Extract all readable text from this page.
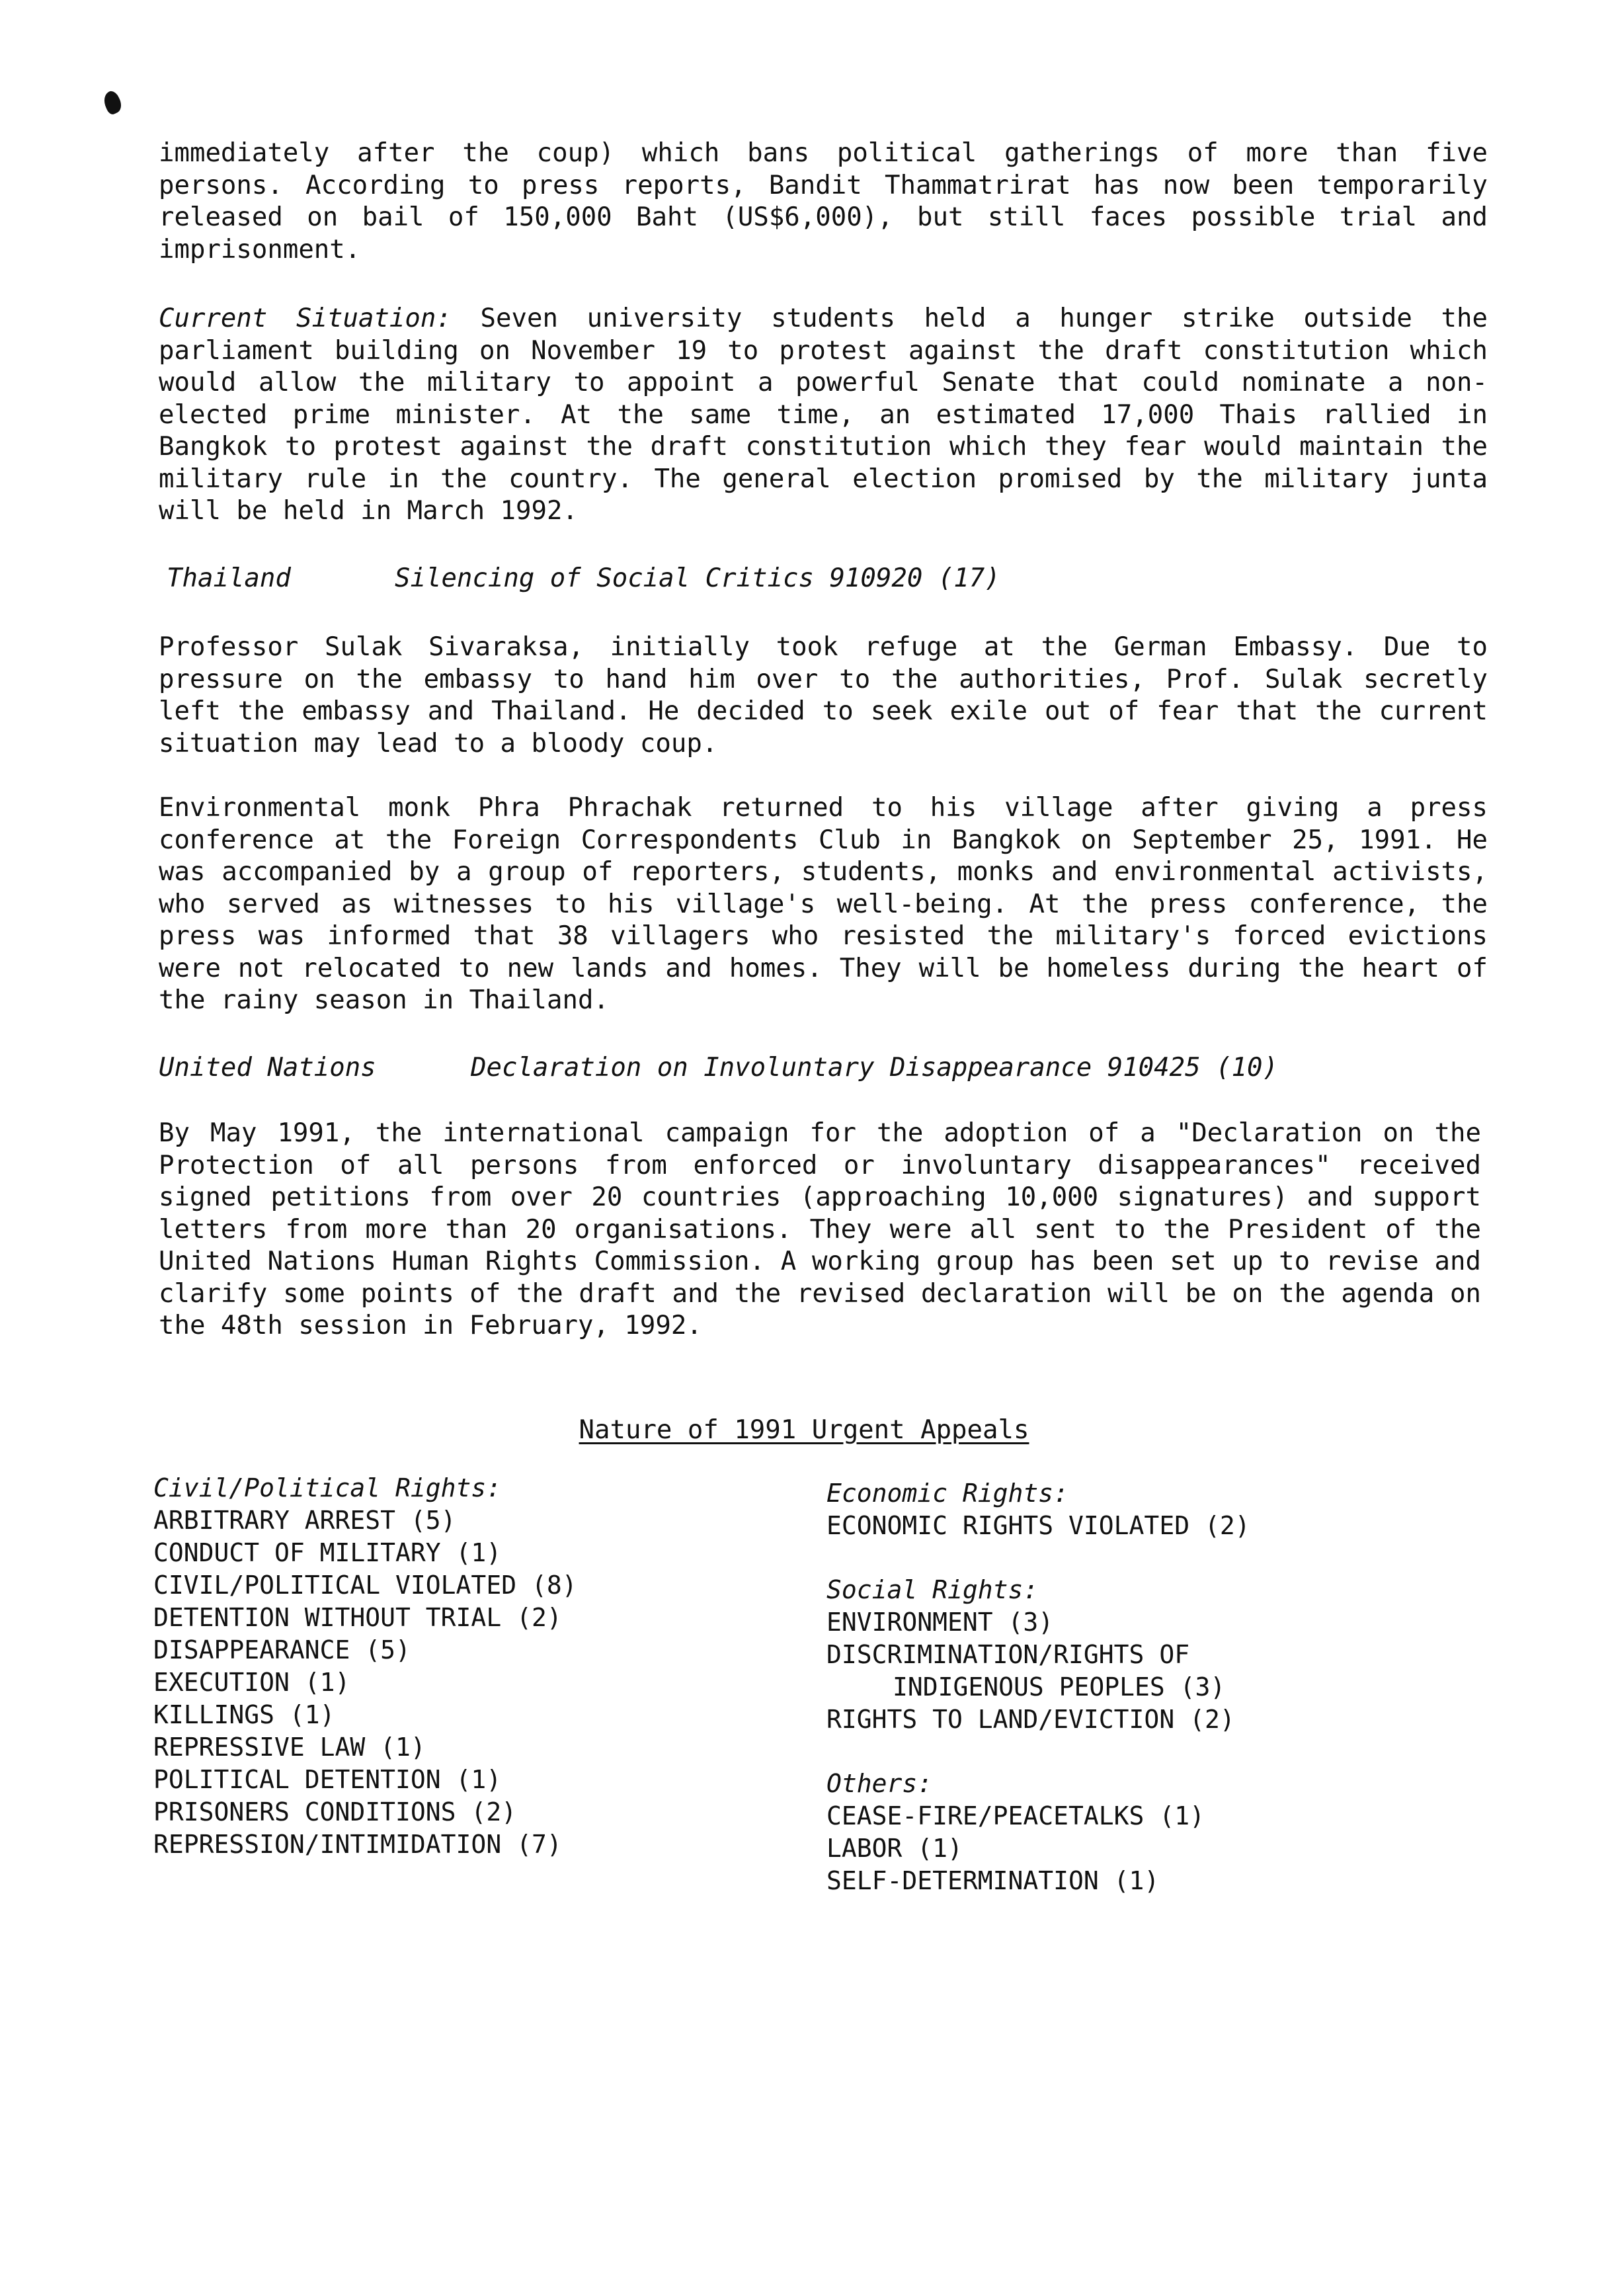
immediately after the coup) which bans political gatherings of more than five persons. According to press reports, Bandit Thammatrirat has now been temporarily released on bail of 150,000 Baht (US$6,000), but still faces possible trial and imprisonment.

Current Situation: Seven university students held a hunger strike outside the parliament building on November 19 to protest against the draft constitution which would allow the military to appoint a powerful Senate that could nominate a non-elected prime minister. At the same time, an estimated 17,000 Thais rallied in Bangkok to protest against the draft constitution which they fear would maintain the military rule in the country. The general election promised by the military junta will be held in March 1992.

Thailand	Silencing of Social Critics 910920 (17)

Professor Sulak Sivaraksa, initially took refuge at the German Embassy. Due to pressure on the embassy to hand him over to the authorities, Prof. Sulak secretly left the embassy and Thailand. He decided to seek exile out of fear that the current situation may lead to a bloody coup.

Environmental monk Phra Phrachak returned to his village after giving a press conference at the Foreign Correspondents Club in Bangkok on September 25, 1991. He was accompanied by a group of reporters, students, monks and environmental activists, who served as witnesses to his village's well-being. At the press conference, the press was informed that 38 villagers who resisted the military's forced evictions were not relocated to new lands and homes. They will be homeless during the heart of the rainy season in Thailand.

United Nations	Declaration on Involuntary Disappearance 910425 (10)

By May 1991, the international campaign for the adoption of a "Declaration on the Protection of all persons from enforced or involuntary disappearances" received signed petitions from over 20 countries (approaching 10,000 signatures) and support letters from more than 20 organisations. They were all sent to the President of the United Nations Human Rights Commission. A working group has been set up to revise and clarify some points of the draft and the revised declaration will be on the agenda on the 48th session in February, 1992.

Nature of 1991 Urgent Appeals
Civil/Political Rights:
ARBITRARY ARREST (5)
CONDUCT OF MILITARY (1)
CIVIL/POLITICAL VIOLATED (8)
DETENTION WITHOUT TRIAL (2)
DISAPPEARANCE (5)
EXECUTION (1)
KILLINGS (1)
REPRESSIVE LAW (1)
POLITICAL DETENTION (1)
PRISONERS CONDITIONS (2)
REPRESSION/INTIMIDATION (7)
Economic Rights:
ECONOMIC RIGHTS VIOLATED (2)
Social Rights:
ENVIRONMENT (3)
DISCRIMINATION/RIGHTS OF
INDIGENOUS PEOPLES (3)
RIGHTS TO LAND/EVICTION (2)
Others:
CEASE-FIRE/PEACETALKS (1)
LABOR (1)
SELF-DETERMINATION (1)
